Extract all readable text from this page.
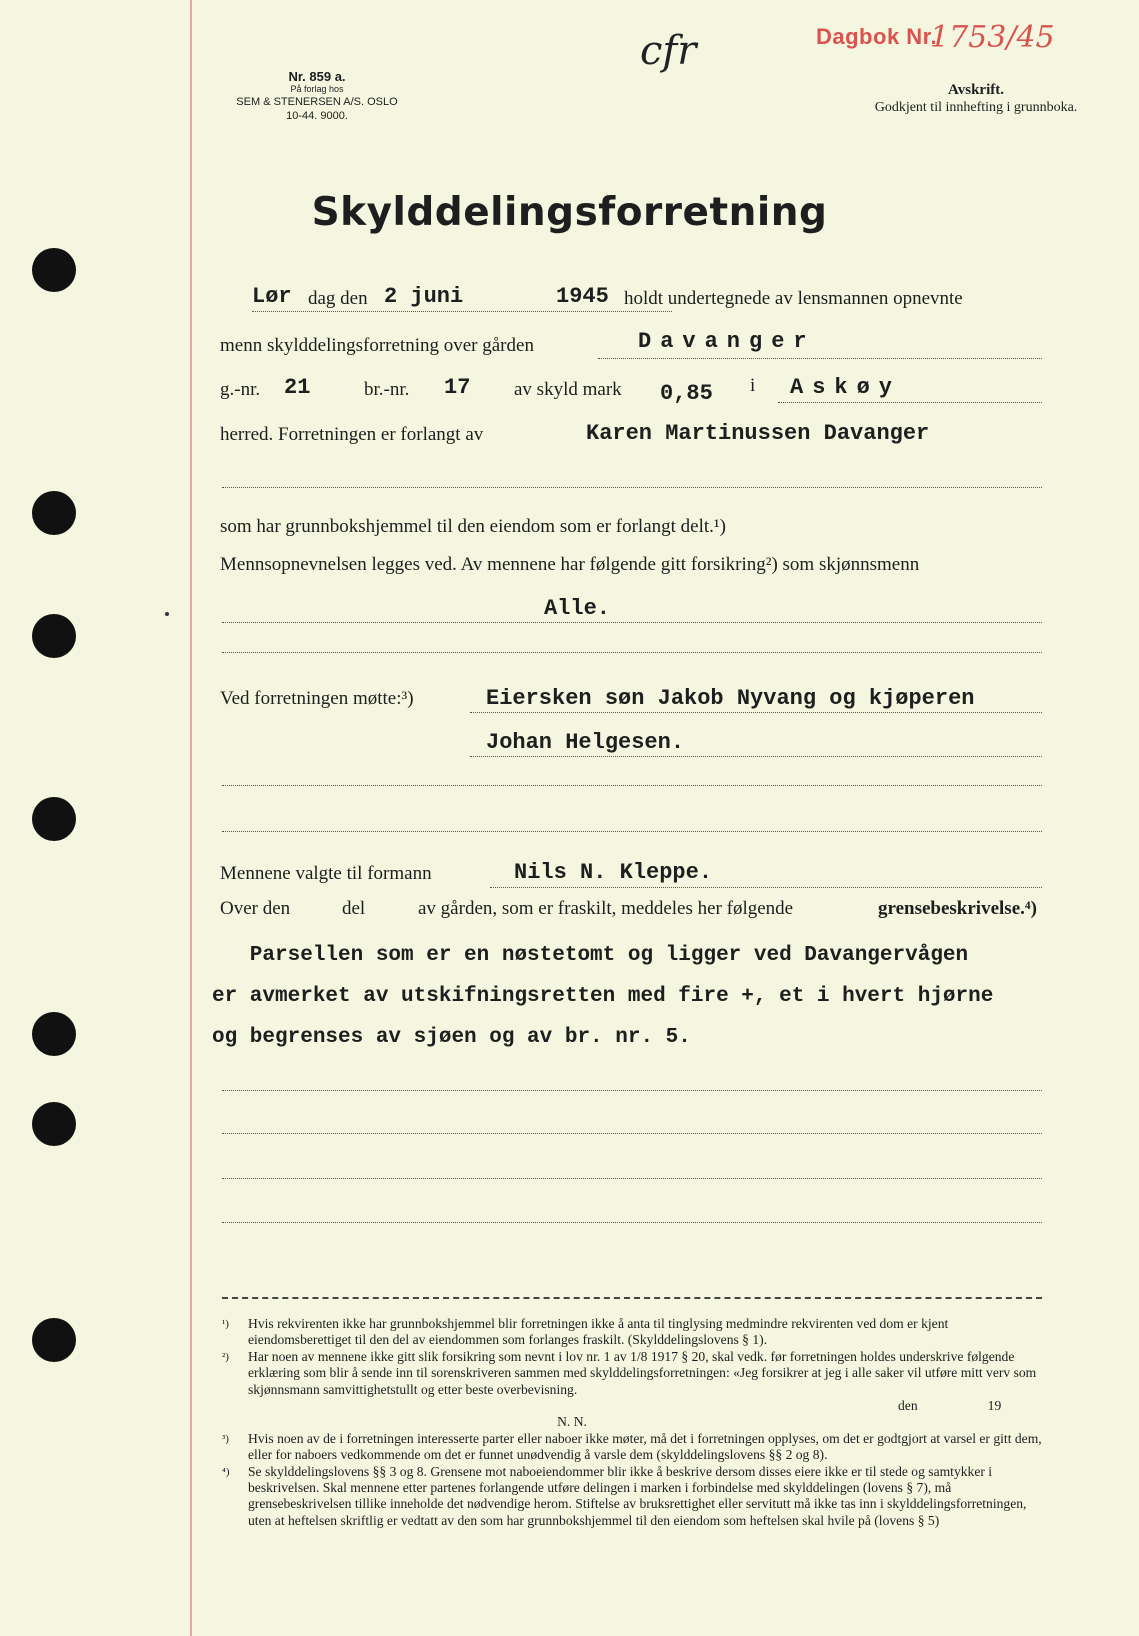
Nr. 859 a.
På forlag hos
SEM & STENERSEN A/S. OSLO
10-44. 9000.
cfr	Dagbok Nr.
1753/45
Avskrift.
Godkjent til innhefting i grunnboka.
Skylddelingsforretning
Lør dag den 2 juni	1945 holdt undertegnede av lensmannen opnevnte
menn skylddelingsforretning over gården	Davanger
g.-nr. 21	br.-nr. 17 av skyld mark 0,85 i Askøy
herred. Forretningen er forlangt av	Karen Martinussen Davanger
som har grunnbokshjemmel til den eiendom som er forlangt delt.¹)
Mennsopnevnelsen legges ved. Av mennene har følgende gitt forsikring²) som skjønnsmenn
Alle.
Ved forretningen møtte:³)	Eiersken søn Jakob Nyvang og kjøperen
Johan Helgesen.
Mennene valgte til formann	Nils N. Kleppe.
Over den	del	av gården, som er fraskilt, meddeles her følgende	grensebeskrivelse.⁴)
Parsellen som er en nøstetomt og ligger ved Davangervågen
er avmerket av utskifningsretten med fire +, et i hvert hjørne
og begrenses av sjøen og av br. nr. 5.

¹) Hvis rekvirenten ikke har grunnbokshjemmel blir forretningen ikke å anta til tinglysing medmindre rekvirenten ved dom er kjent eiendomsberettiget til den del av eiendommen som forlanges fraskilt. (Skylddelingslovens § 1).

²) Har noen av mennene ikke gitt slik forsikring som nevnt i lov nr. 1 av 1/8 1917 § 20, skal vedk. før forretningen holdes underskrive følgende erklæring som blir å sende inn til sorenskriveren sammen med skylddelingsforretningen: «Jeg forsikrer at jeg i alle saker vil utføre mitt verv som skjønnsmann samvittighetstullt og etter beste overbevisning.

den	19
N. N.

³) Hvis noen av de i forretningen interesserte parter eller naboer ikke møter, må det i forretningen opplyses, om det er godtgjort at varsel er gitt dem, eller for naboers vedkommende om det er funnet unødvendig å varsle dem (skylddelingslovens §§ 2 og 8).

⁴) Se skylddelingslovens §§ 3 og 8. Grensene mot naboeiendommer blir ikke å beskrive dersom disses eiere ikke er til stede og samtykker i beskrivelsen. Skal mennene etter partenes forlangende utføre delingen i marken i forbindelse med skylddelingen (lovens § 7), må grensebeskrivelsen tillike inneholde det nødvendige herom. Stiftelse av bruksrettighet eller servitutt må ikke tas inn i skylddelingsforretningen, uten at heftelsen skriftlig er vedtatt av den som har grunnbokshjemmel til den eiendom som heftelsen skal hvile på (lovens § 5)
